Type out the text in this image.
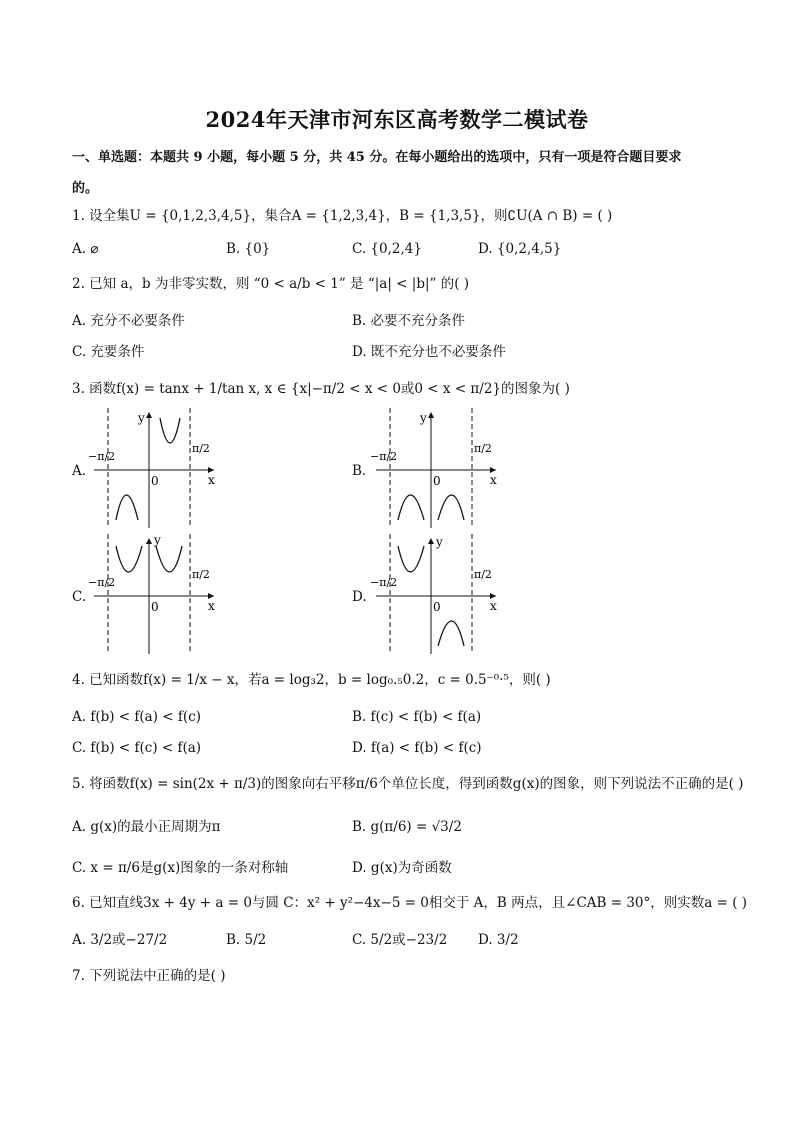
2024年天津市河东区高考数学二模试卷
一、单选题：本题共 9 小题，每小题 5 分，共 45 分。在每小题给出的选项中，只有一项是符合题目要求
的。
1. 设全集U = {0,1,2,3,4,5}，集合A = {1,2,3,4}，B = {1,3,5}，则∁U(A ∩ B) = ( )
A. ⌀	B. {0}	C. {0,2,4}	D. {0,2,4,5}
2. 已知 a，b 为非零实数，则 “0 < a/b < 1” 是 “|a| < |b|” 的( )
A. 充分不必要条件	B. 必要不充分条件
C. 充要条件	D. 既不充分也不必要条件
3. 函数f(x) = tanx + 1/tan x, x ∈ {x|−π/2 < x < 0或0 < x < π/2}的图象为( )
A.	B.
C.	D.
y
x
0
−π/2
π/2
y
x
0
−π/2
π/2
y
x
0
−π/2
π/2
y
x
0
−π/2
π/2
4. 已知函数f(x) = 1/x − x，若a = log₃2，b = log₀.₅0.2，c = 0.5⁻⁰·⁵，则( )
A. f(b) < f(a) < f(c)	B. f(c) < f(b) < f(a)
C. f(b) < f(c) < f(a)	D. f(a) < f(b) < f(c)
5. 将函数f(x) = sin(2x + π/3)的图象向右平移π/6个单位长度，得到函数g(x)的图象，则下列说法不正确的是( )
A. g(x)的最小正周期为π	B. g(π/6) = √3/2
C. x = π/6是g(x)图象的一条对称轴	D. g(x)为奇函数
6. 已知直线3x + 4y + a = 0与圆 C：x² + y²−4x−5 = 0相交于 A，B 两点，且∠CAB = 30°，则实数a = ( )
A. 3/2或−27/2	B. 5/2	C. 5/2或−23/2 D. 3/2
7. 下列说法中正确的是( )
